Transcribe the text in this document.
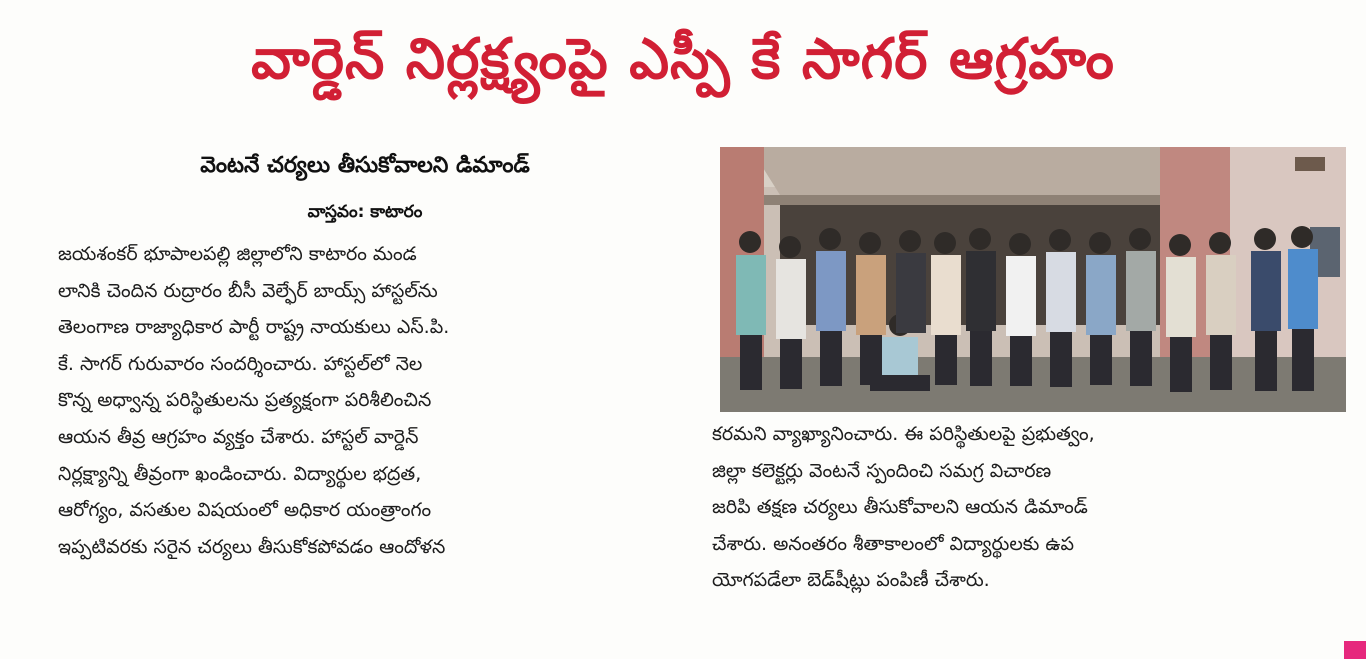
వార్డెన్ నిర్లక్ష్యంపై ఎస్పీ కే సాగర్ ఆగ్రహం
వెంటనే చర్యలు తీసుకోవాలని డిమాండ్
వాస్తవం: కాటారం
జయశంకర్ భూపాలపల్లి జిల్లాలోని కాటారం మండ
లానికి చెందిన రుద్రారం బీసీ వెల్ఫేర్ బాయ్స్ హాస్టల్‌ను
తెలంగాణ రాజ్యాధికార పార్టీ రాష్ట్ర నాయకులు ఎస్.పి.
కే. సాగర్ గురువారం సందర్శించారు. హాస్టల్‌లో నెల
కొన్న అధ్వాన్న పరిస్థితులను ప్రత్యక్షంగా పరిశీలించిన
ఆయన తీవ్ర ఆగ్రహం వ్యక్తం చేశారు. హాస్టల్ వార్డెన్
నిర్లక్ష్యాన్ని తీవ్రంగా ఖండించారు. విద్యార్థుల భద్రత,
ఆరోగ్యం, వసతుల విషయంలో అధికార యంత్రాంగం
ఇప్పటివరకు సరైన చర్యలు తీసుకోకపోవడం ఆందోళన
కరమని వ్యాఖ్యానించారు. ఈ పరిస్థితులపై ప్రభుత్వం,
జిల్లా కలెక్టర్లు వెంటనే స్పందించి సమగ్ర విచారణ
జరిపి తక్షణ చర్యలు తీసుకోవాలని ఆయన డిమాండ్
చేశారు. అనంతరం శీతాకాలంలో విద్యార్థులకు ఉప
యోగపడేలా బెడ్‌షీట్లు పంపిణీ చేశారు.
